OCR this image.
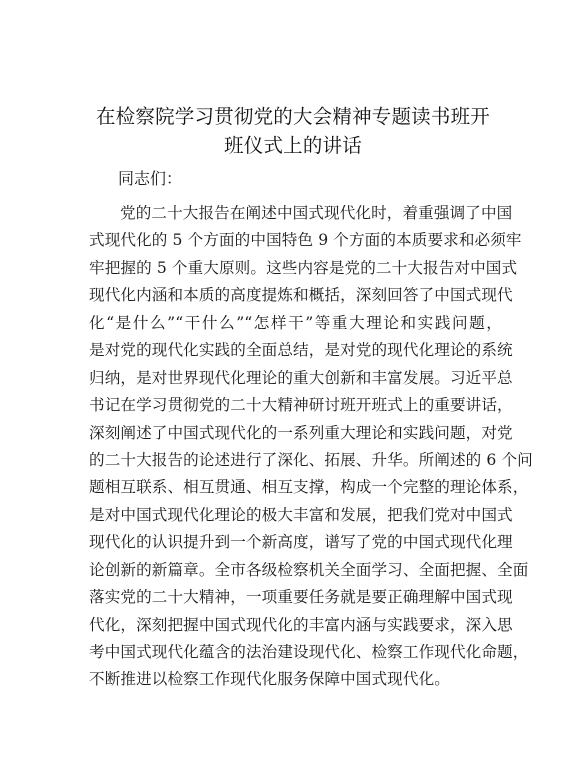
在检察院学习贯彻党的大会精神专题读书班开
班仪式上的讲话
同志们：
党的二十大报告在阐述中国式现代化时，着重强调了中国
式现代化的 5 个方面的中国特色 9 个方面的本质要求和必须牢
牢把握的 5 个重大原则。这些内容是党的二十大报告对中国式
现代化内涵和本质的高度提炼和概括，深刻回答了中国式现代
化“是什么”“干什么”“怎样干”等重大理论和实践问题，
是对党的现代化实践的全面总结，是对党的现代化理论的系统
归纳，是对世界现代化理论的重大创新和丰富发展。习近平总
书记在学习贯彻党的二十大精神研讨班开班式上的重要讲话，
深刻阐述了中国式现代化的一系列重大理论和实践问题，对党
的二十大报告的论述进行了深化、拓展、升华。所阐述的 6 个问
题相互联系、相互贯通、相互支撑，构成一个完整的理论体系，
是对中国式现代化理论的极大丰富和发展，把我们党对中国式
现代化的认识提升到一个新高度，谱写了党的中国式现代化理
论创新的新篇章。全市各级检察机关全面学习、全面把握、全面
落实党的二十大精神，一项重要任务就是要正确理解中国式现
代化，深刻把握中国式现代化的丰富内涵与实践要求，深入思
考中国式现代化蕴含的法治建设现代化、检察工作现代化命题，
不断推进以检察工作现代化服务保障中国式现代化。
